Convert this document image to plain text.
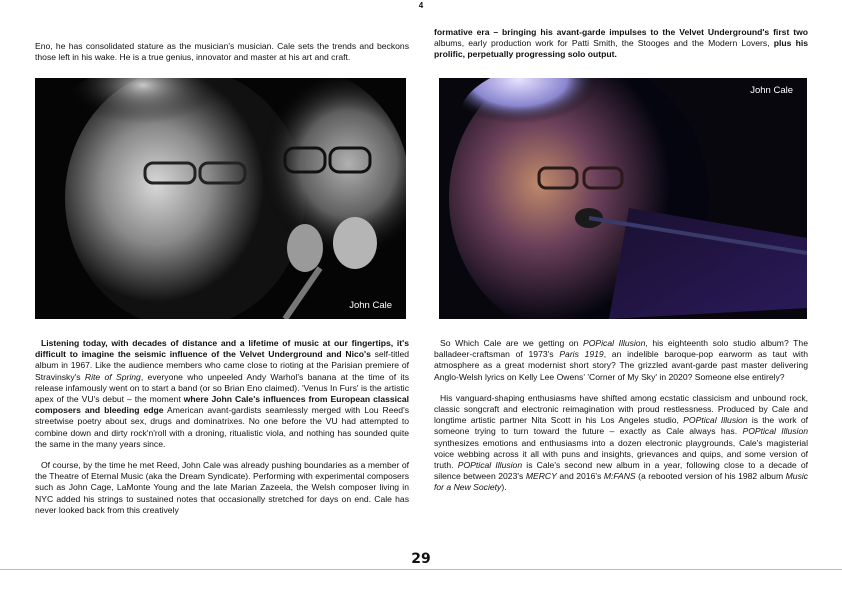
4

Eno, he has consolidated stature as the musician's musician. Cale sets the trends and beckons those left in his wake. He is a true genius, innovator and master at his art and craft.

formative era – bringing his avant-garde impulses to the Velvet Underground's first two albums, early production work for Patti Smith, the Stooges and the Modern Lovers, plus his prolific, perpetually progressing solo output.

John Cale
John Cale

Listening today, with decades of distance and a lifetime of music at our fingertips, it's difficult to imagine the seismic influence of the Velvet Underground and Nico's self-titled album in 1967. Like the audience members who came close to rioting at the Parisian premiere of Stravinsky's Rite of Spring, everyone who unpeeled Andy Warhol's banana at the time of its release infamously went on to start a band (or so Brian Eno claimed). 'Venus In Furs' is the artistic apex of the VU's debut – the moment where John Cale's influences from European classical composers and bleeding edge American avant-gardists seamlessly merged with Lou Reed's streetwise poetry about sex, drugs and dominatrixes. No one before the VU had attempted to combine down and dirty rock'n'roll with a droning, ritualistic viola, and nothing has sounded quite the same in the many years since.

Of course, by the time he met Reed, John Cale was already pushing boundaries as a member of the Theatre of Eternal Music (aka the Dream Syndicate). Performing with experimental composers such as John Cage, LaMonte Young and the late Marian Zazeela, the Welsh composer living in NYC added his strings to sustained notes that occasionally stretched for days on end. Cale has never looked back from this creatively

So Which Cale are we getting on POPical Illusion, his eighteenth solo studio album? The balladeer-craftsman of 1973's Paris 1919, an indelible baroque-pop earworm as taut with atmosphere as a great modernist short story? The grizzled avant-garde past master delivering Anglo-Welsh lyrics on Kelly Lee Owens' 'Corner of My Sky' in 2020? Someone else entirely?

His vanguard-shaping enthusiasms have shifted among ecstatic classicism and unbound rock, classic songcraft and electronic reimagination with proud restlessness. Produced by Cale and longtime artistic partner Nita Scott in his Los Angeles studio, POPtical Illusion is the work of someone trying to turn toward the future – exactly as Cale always has. POPtical Illusion synthesizes emotions and enthusiasms into a dozen electronic playgrounds, Cale's magisterial voice webbing across it all with puns and insights, grievances and quips, and some version of truth. POPtical Illusion is Cale's second new album in a year, following close to a decade of silence between 2023's MERCY and 2016's M:FANS (a rebooted version of his 1982 album Music for a New Society).

29
